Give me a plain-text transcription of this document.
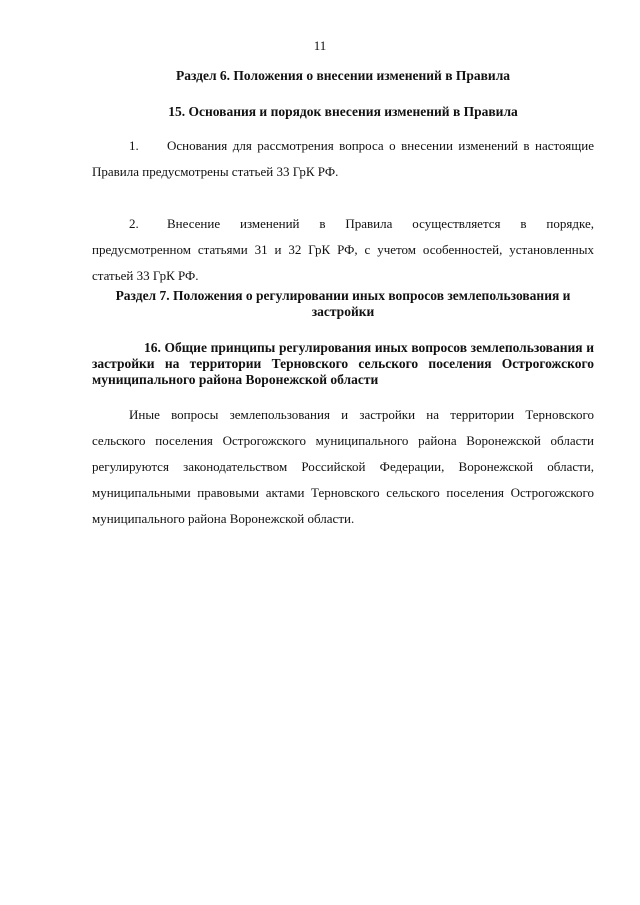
11
Раздел 6. Положения о внесении изменений в Правила
15. Основания и порядок внесения изменений в Правила
1. Основания для рассмотрения вопроса о внесении изменений в настоящие Правила предусмотрены статьей 33 ГрК РФ.
2. Внесение изменений в Правила осуществляется в порядке, предусмотренном статьями 31 и 32 ГрК РФ, с учетом особенностей, установленных статьей 33 ГрК РФ.
Раздел 7. Положения о регулировании иных вопросов землепользования и застройки
16. Общие принципы регулирования иных вопросов землепользования и застройки на территории Терновского сельского поселения Острогожского муниципального района Воронежской области
Иные вопросы землепользования и застройки на территории Терновского сельского поселения Острогожского муниципального района Воронежской области регулируются законодательством Российской Федерации, Воронежской области, муниципальными правовыми актами Терновского сельского поселения Острогожского муниципального района Воронежской области.
